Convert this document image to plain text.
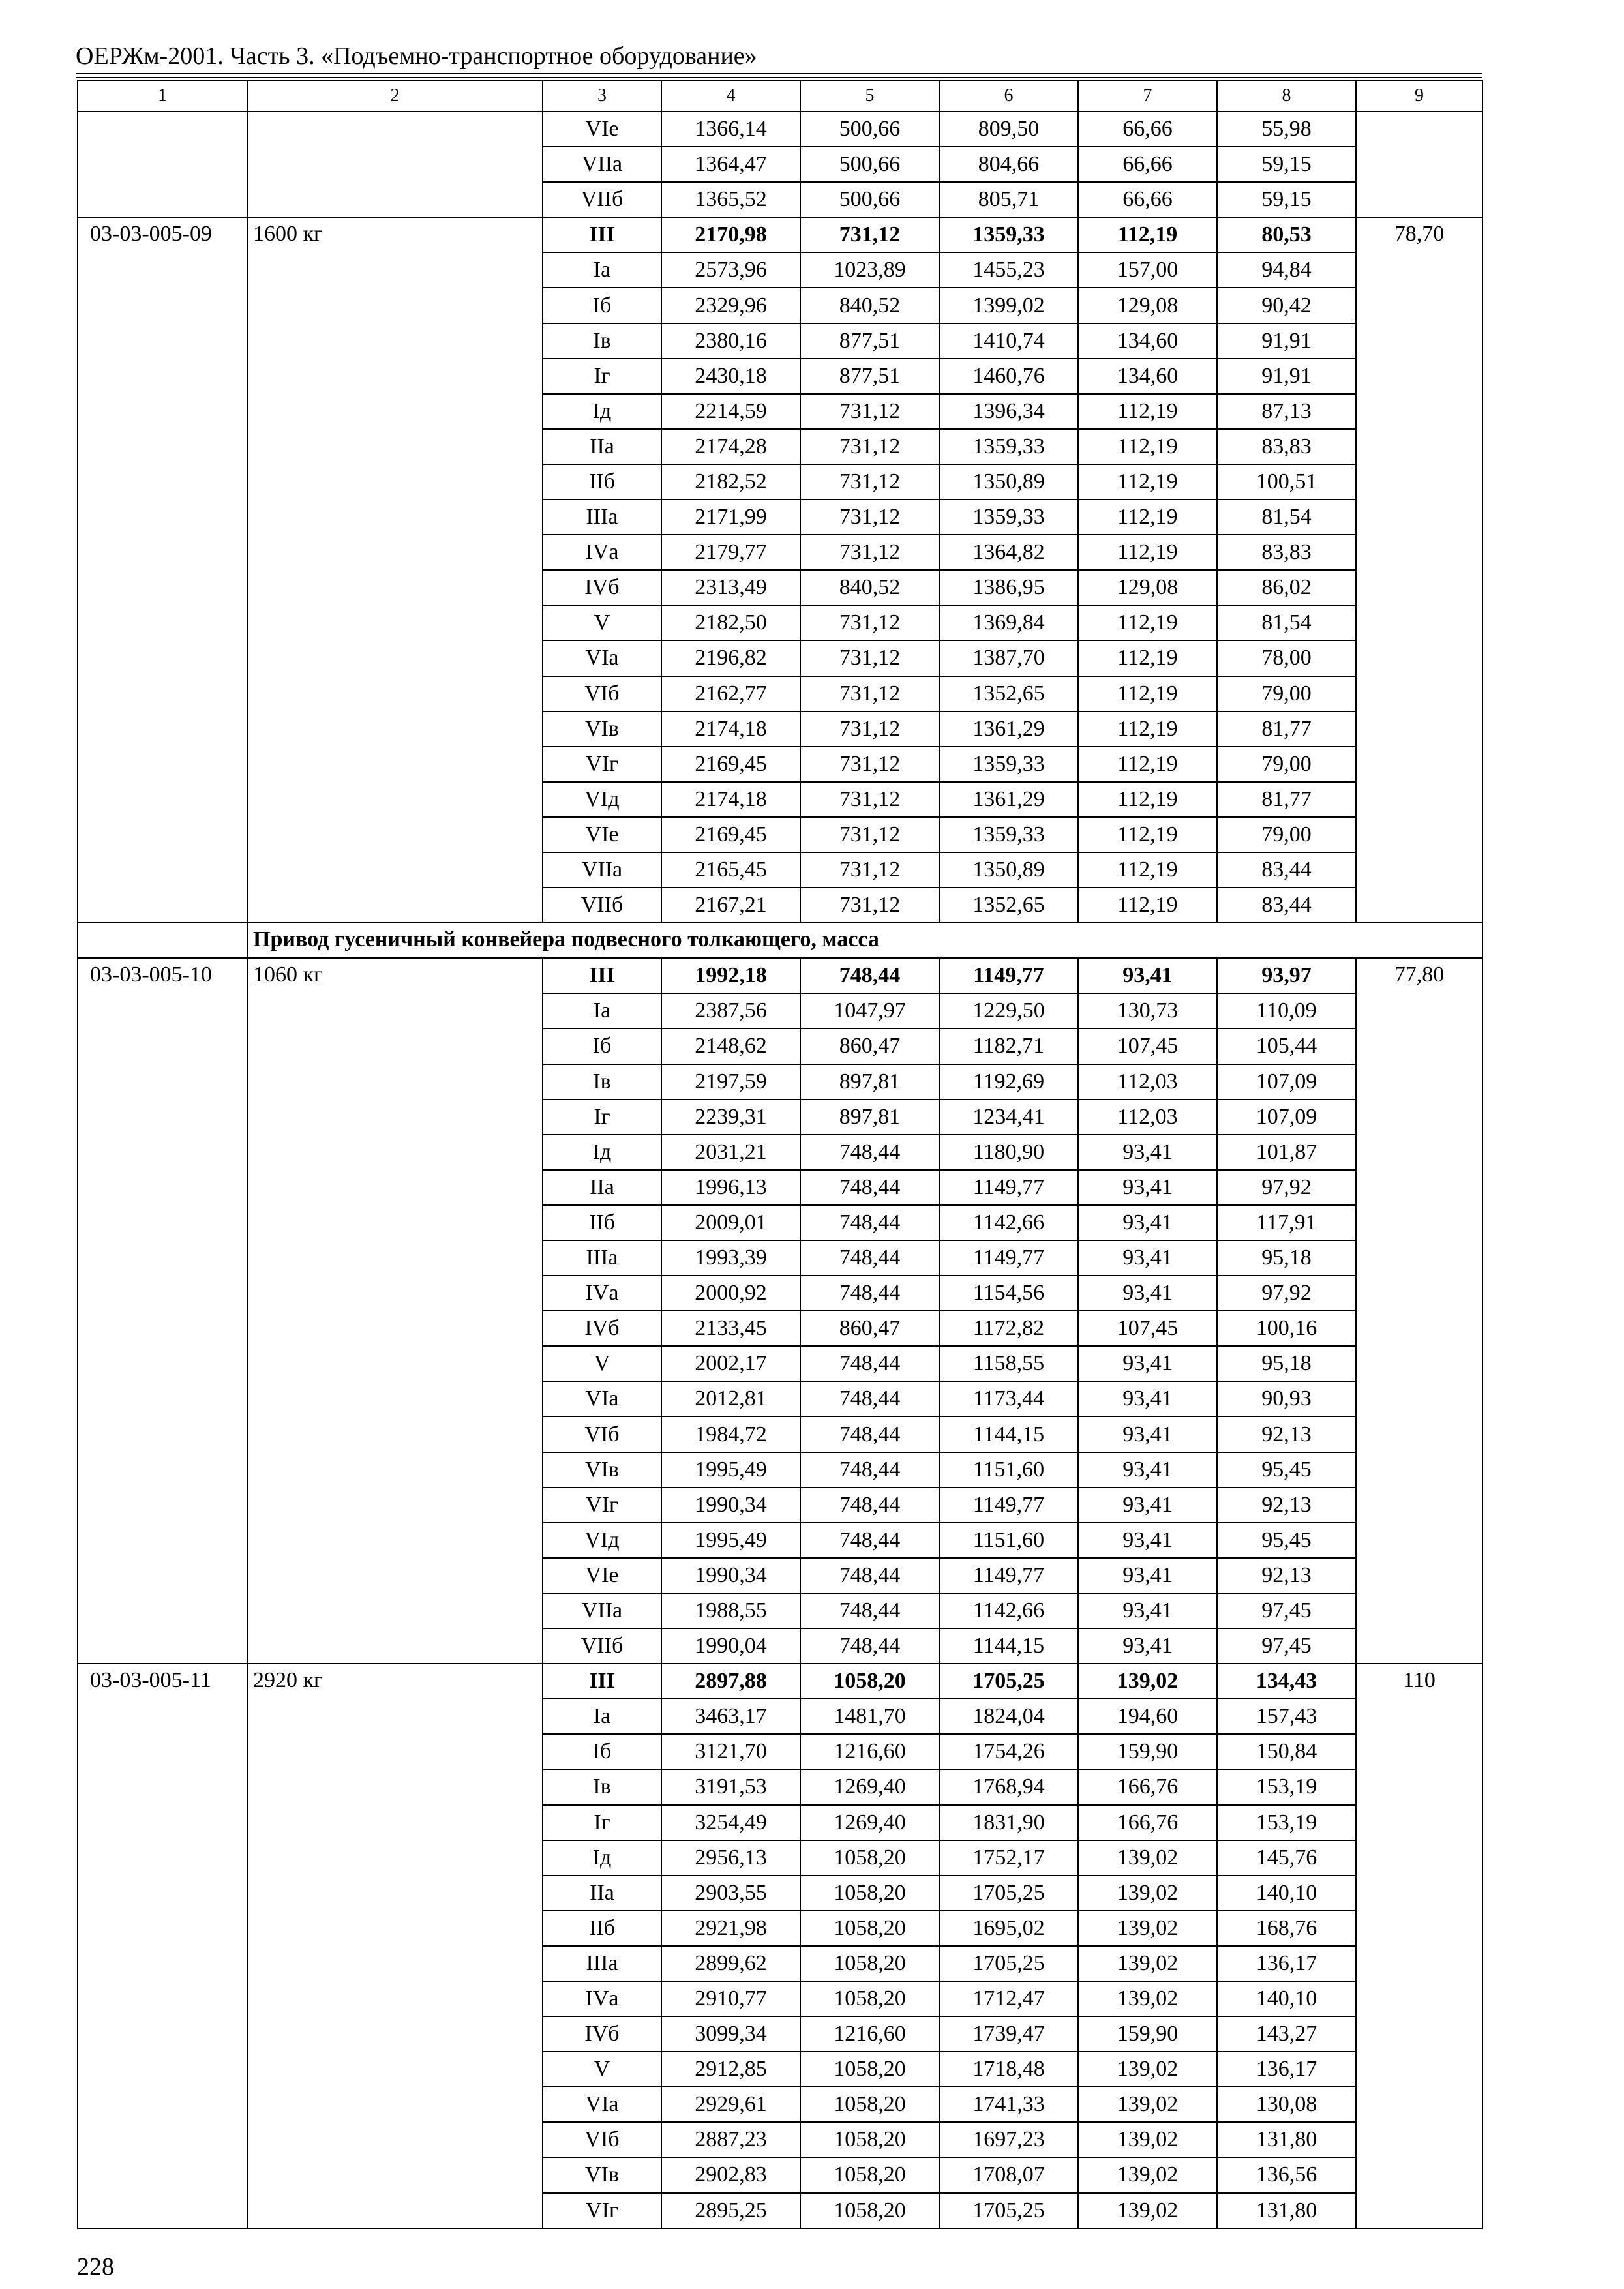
ОЕРЖм-2001. Часть 3. «Подъемно-транспортное оборудование»
1	2	3	4	5	6	7	8	9
		VIе	1366,14	500,66	809,50	66,66	55,98	
		VIIа	1364,47	500,66	804,66	66,66	59,15	
		VIIб	1365,52	500,66	805,71	66,66	59,15	
03-03-005-09	1600 кг	III	2170,98	731,12	1359,33	112,19	80,53	78,70
		Iа	2573,96	1023,89	1455,23	157,00	94,84	
		Iб	2329,96	840,52	1399,02	129,08	90,42	
		Iв	2380,16	877,51	1410,74	134,60	91,91	
		Iг	2430,18	877,51	1460,76	134,60	91,91	
		Iд	2214,59	731,12	1396,34	112,19	87,13	
		IIа	2174,28	731,12	1359,33	112,19	83,83	
		IIб	2182,52	731,12	1350,89	112,19	100,51	
		IIIа	2171,99	731,12	1359,33	112,19	81,54	
		IVа	2179,77	731,12	1364,82	112,19	83,83	
		IVб	2313,49	840,52	1386,95	129,08	86,02	
		V	2182,50	731,12	1369,84	112,19	81,54	
		VIа	2196,82	731,12	1387,70	112,19	78,00	
		VIб	2162,77	731,12	1352,65	112,19	79,00	
		VIв	2174,18	731,12	1361,29	112,19	81,77	
		VIг	2169,45	731,12	1359,33	112,19	79,00	
		VIд	2174,18	731,12	1361,29	112,19	81,77	
		VIе	2169,45	731,12	1359,33	112,19	79,00	
		VIIа	2165,45	731,12	1350,89	112,19	83,44	
		VIIб	2167,21	731,12	1352,65	112,19	83,44	
	Привод гусеничный конвейера подвесного толкающего, масса							
03-03-005-10	1060 кг	III	1992,18	748,44	1149,77	93,41	93,97	77,80
		Iа	2387,56	1047,97	1229,50	130,73	110,09	
		Iб	2148,62	860,47	1182,71	107,45	105,44	
		Iв	2197,59	897,81	1192,69	112,03	107,09	
		Iг	2239,31	897,81	1234,41	112,03	107,09	
		Iд	2031,21	748,44	1180,90	93,41	101,87	
		IIа	1996,13	748,44	1149,77	93,41	97,92	
		IIб	2009,01	748,44	1142,66	93,41	117,91	
		IIIа	1993,39	748,44	1149,77	93,41	95,18	
		IVа	2000,92	748,44	1154,56	93,41	97,92	
		IVб	2133,45	860,47	1172,82	107,45	100,16	
		V	2002,17	748,44	1158,55	93,41	95,18	
		VIа	2012,81	748,44	1173,44	93,41	90,93	
		VIб	1984,72	748,44	1144,15	93,41	92,13	
		VIв	1995,49	748,44	1151,60	93,41	95,45	
		VIг	1990,34	748,44	1149,77	93,41	92,13	
		VIд	1995,49	748,44	1151,60	93,41	95,45	
		VIе	1990,34	748,44	1149,77	93,41	92,13	
		VIIа	1988,55	748,44	1142,66	93,41	97,45	
		VIIб	1990,04	748,44	1144,15	93,41	97,45	
03-03-005-11	2920 кг	III	2897,88	1058,20	1705,25	139,02	134,43	110
		Iа	3463,17	1481,70	1824,04	194,60	157,43	
		Iб	3121,70	1216,60	1754,26	159,90	150,84	
		Iв	3191,53	1269,40	1768,94	166,76	153,19	
		Iг	3254,49	1269,40	1831,90	166,76	153,19	
		Iд	2956,13	1058,20	1752,17	139,02	145,76	
		IIа	2903,55	1058,20	1705,25	139,02	140,10	
		IIб	2921,98	1058,20	1695,02	139,02	168,76	
		IIIа	2899,62	1058,20	1705,25	139,02	136,17	
		IVа	2910,77	1058,20	1712,47	139,02	140,10	
		IVб	3099,34	1216,60	1739,47	159,90	143,27	
		V	2912,85	1058,20	1718,48	139,02	136,17	
		VIа	2929,61	1058,20	1741,33	139,02	130,08	
		VIб	2887,23	1058,20	1697,23	139,02	131,80	
		VIв	2902,83	1058,20	1708,07	139,02	136,56	
		VIг	2895,25	1058,20	1705,25	139,02	131,80	
228
